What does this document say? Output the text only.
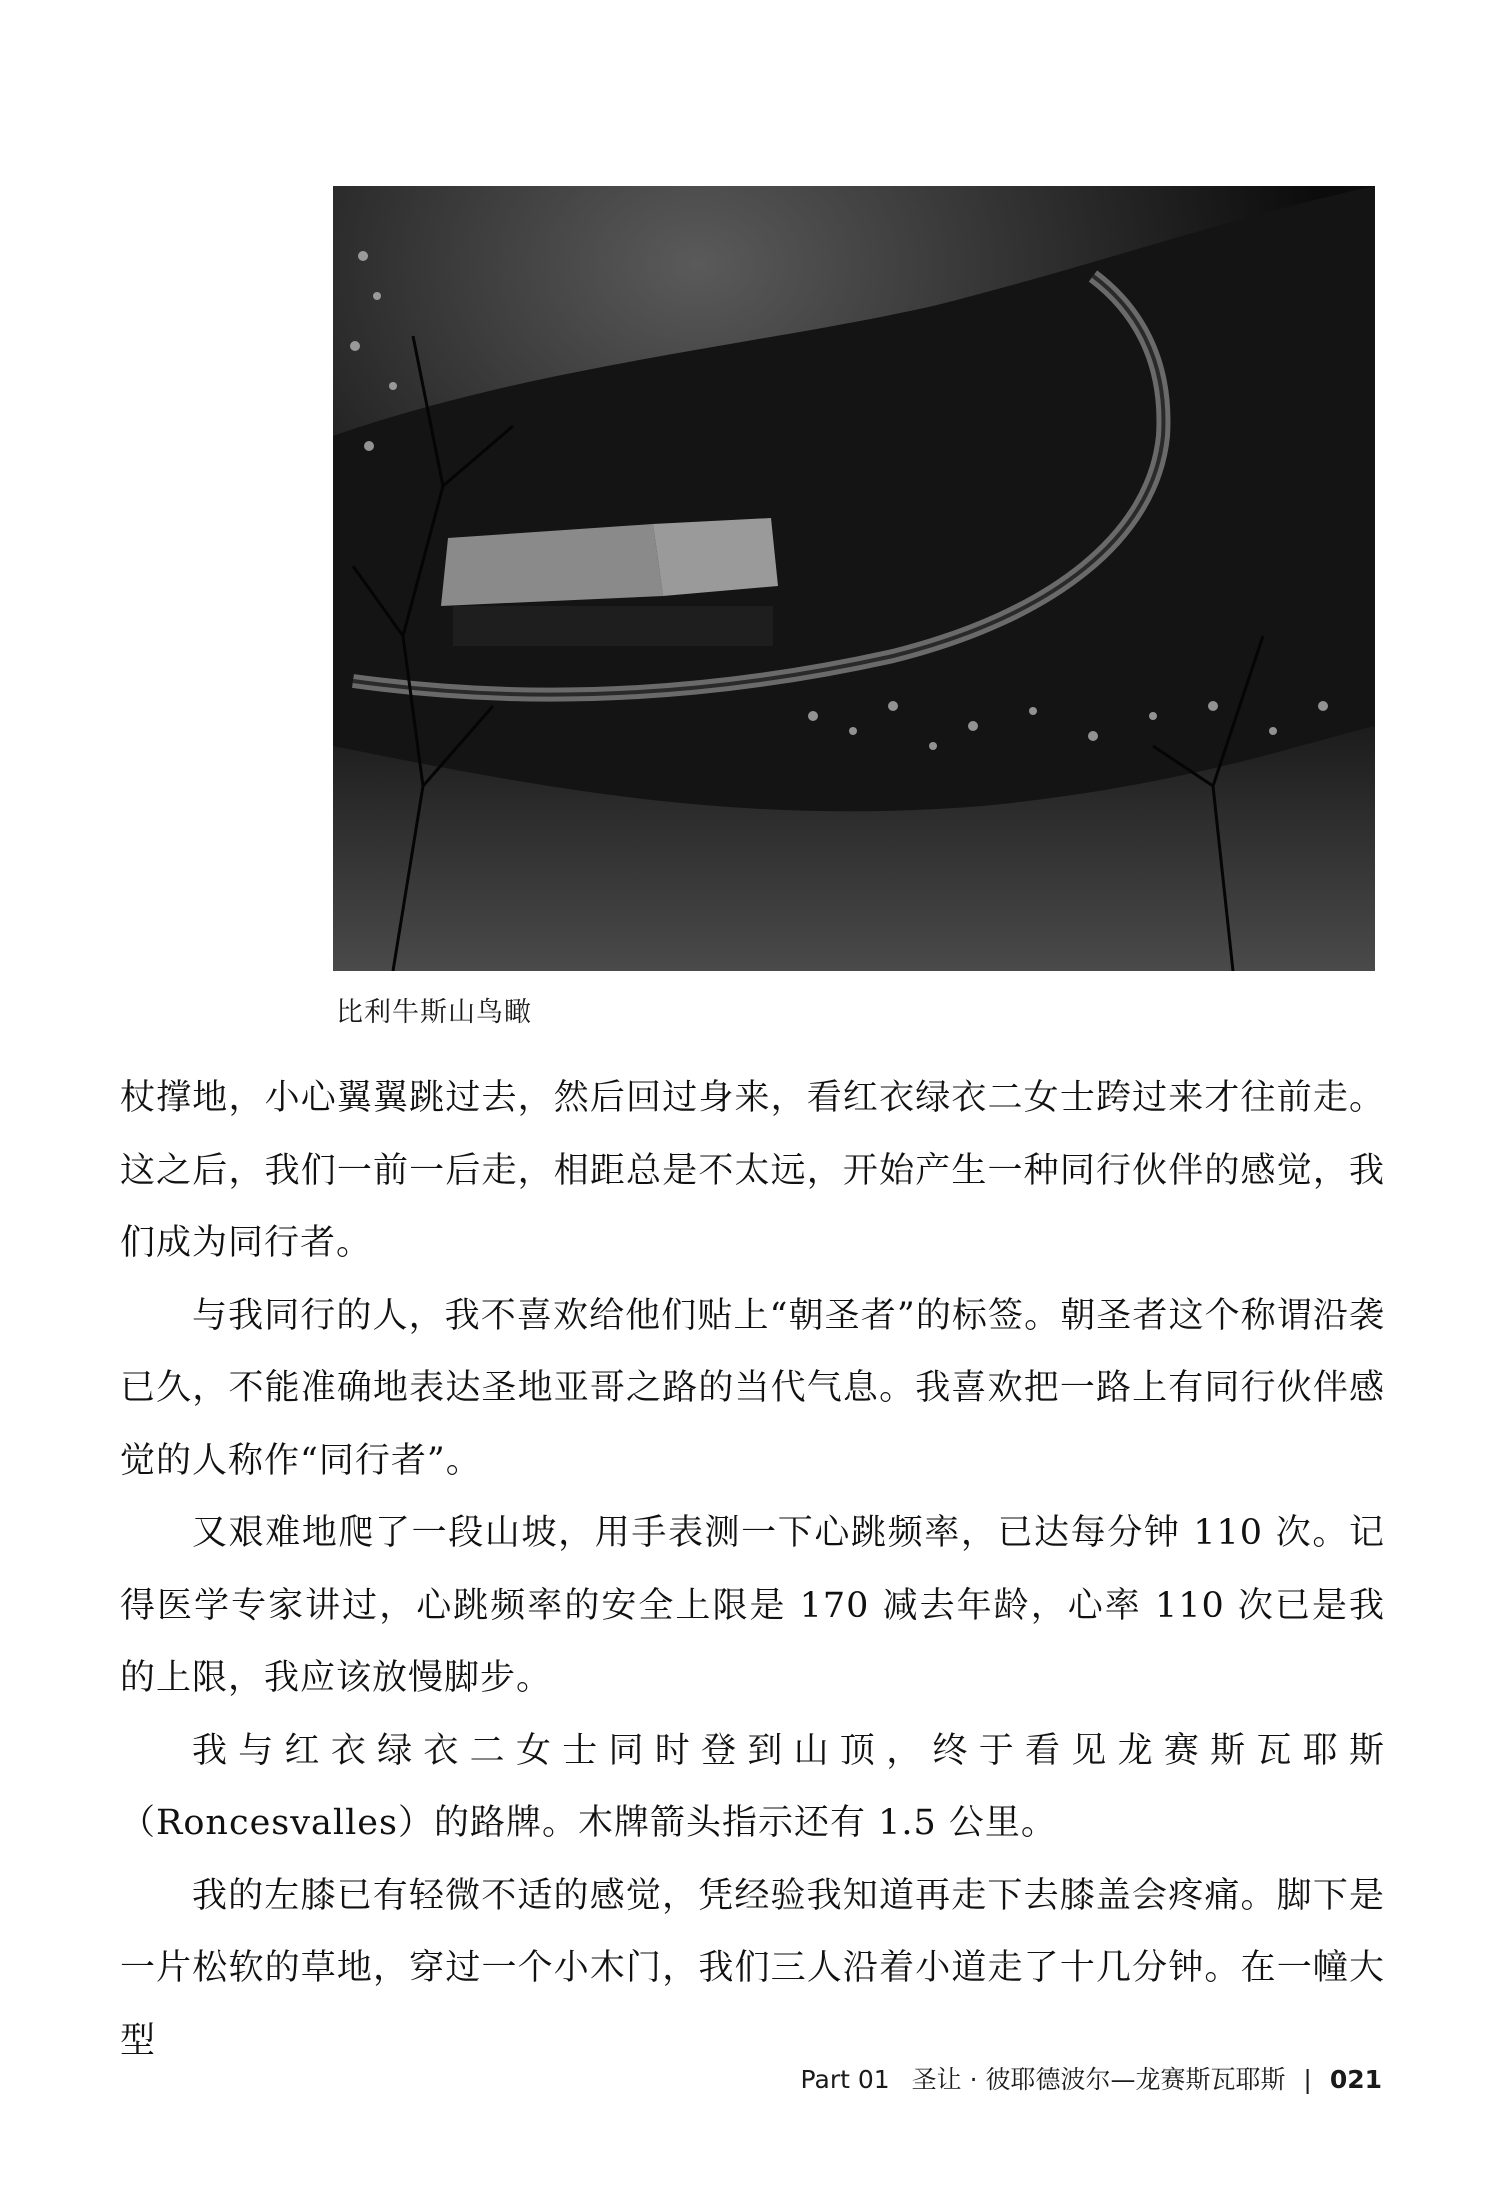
比利牛斯山鸟瞰

杖撑地，小心翼翼跳过去，然后回过身来，看红衣绿衣二女士跨过来才往前走。这之后，我们一前一后走，相距总是不太远，开始产生一种同行伙伴的感觉，我们成为同行者。

与我同行的人，我不喜欢给他们贴上“朝圣者”的标签。朝圣者这个称谓沿袭已久，不能准确地表达圣地亚哥之路的当代气息。我喜欢把一路上有同行伙伴感觉的人称作“同行者”。

又艰难地爬了一段山坡，用手表测一下心跳频率，已达每分钟 110 次。记得医学专家讲过，心跳频率的安全上限是 170 减去年龄，心率 110 次已是我的上限，我应该放慢脚步。

我与红衣绿衣二女士同时登到山顶，终于看见龙赛斯瓦耶斯（Roncesvalles）的路牌。木牌箭头指示还有 1.5 公里。

我的左膝已有轻微不适的感觉，凭经验我知道再走下去膝盖会疼痛。脚下是一片松软的草地，穿过一个小木门，我们三人沿着小道走了十几分钟。在一幢大型

Part 01 圣让 · 彼耶德波尔—龙赛斯瓦耶斯 | 021
